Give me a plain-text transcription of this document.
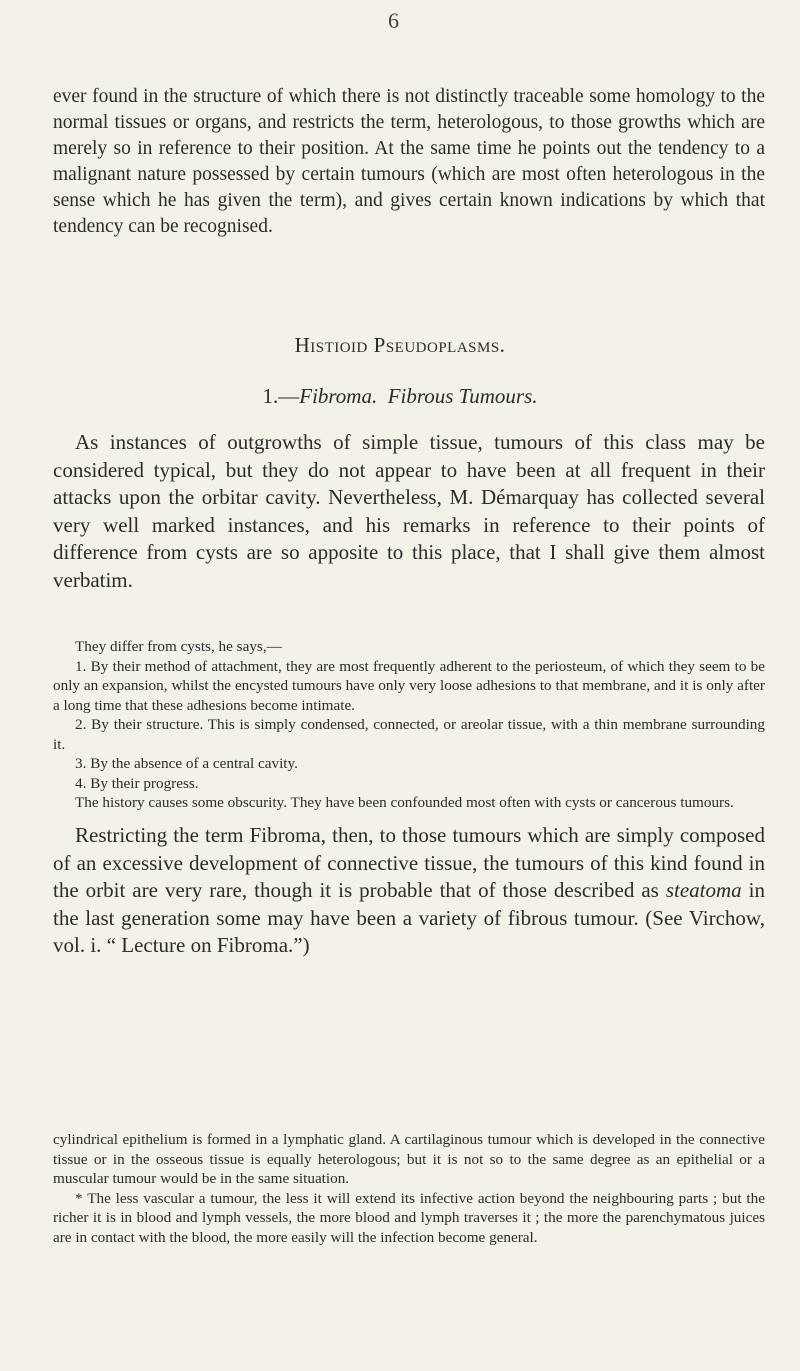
6

ever found in the structure of which there is not distinctly traceable some homology to the normal tissues or organs, and restricts the term, heterologous, to those growths which are merely so in reference to their position. At the same time he points out the tendency to a malignant nature possessed by certain tumours (which are most often heterologous in the sense which he has given the term), and gives certain known indications by which that tendency can be recognised.

Histioid Pseudoplasms.
1.—Fibroma. Fibrous Tumours.

As instances of outgrowths of simple tissue, tumours of this class may be considered typical, but they do not appear to have been at all frequent in their attacks upon the orbitar cavity. Nevertheless, M. Démarquay has collected several very well marked instances, and his remarks in reference to their points of difference from cysts are so apposite to this place, that I shall give them almost verbatim.

They differ from cysts, he says,—

1. By their method of attachment, they are most frequently adherent to the periosteum, of which they seem to be only an expansion, whilst the encysted tumours have only very loose adhesions to that membrane, and it is only after a long time that these adhesions become intimate.

2. By their structure. This is simply condensed, connected, or areolar tissue, with a thin membrane surrounding it.

3. By the absence of a central cavity.

4. By their progress.

The history causes some obscurity. They have been confounded most often with cysts or cancerous tumours.

Restricting the term Fibroma, then, to those tumours which are simply composed of an excessive development of connective tissue, the tumours of this kind found in the orbit are very rare, though it is probable that of those described as steatoma in the last generation some may have been a variety of fibrous tumour. (See Virchow, vol. i. “ Lecture on Fibroma.”)

cylindrical epithelium is formed in a lymphatic gland. A cartilaginous tumour which is developed in the connective tissue or in the osseous tissue is equally heterologous; but it is not so to the same degree as an epithelial or a muscular tumour would be in the same situation.

* The less vascular a tumour, the less it will extend its infective action beyond the neighbouring parts ; but the richer it is in blood and lymph vessels, the more blood and lymph traverses it ; the more the parenchymatous juices are in contact with the blood, the more easily will the infection become general.
